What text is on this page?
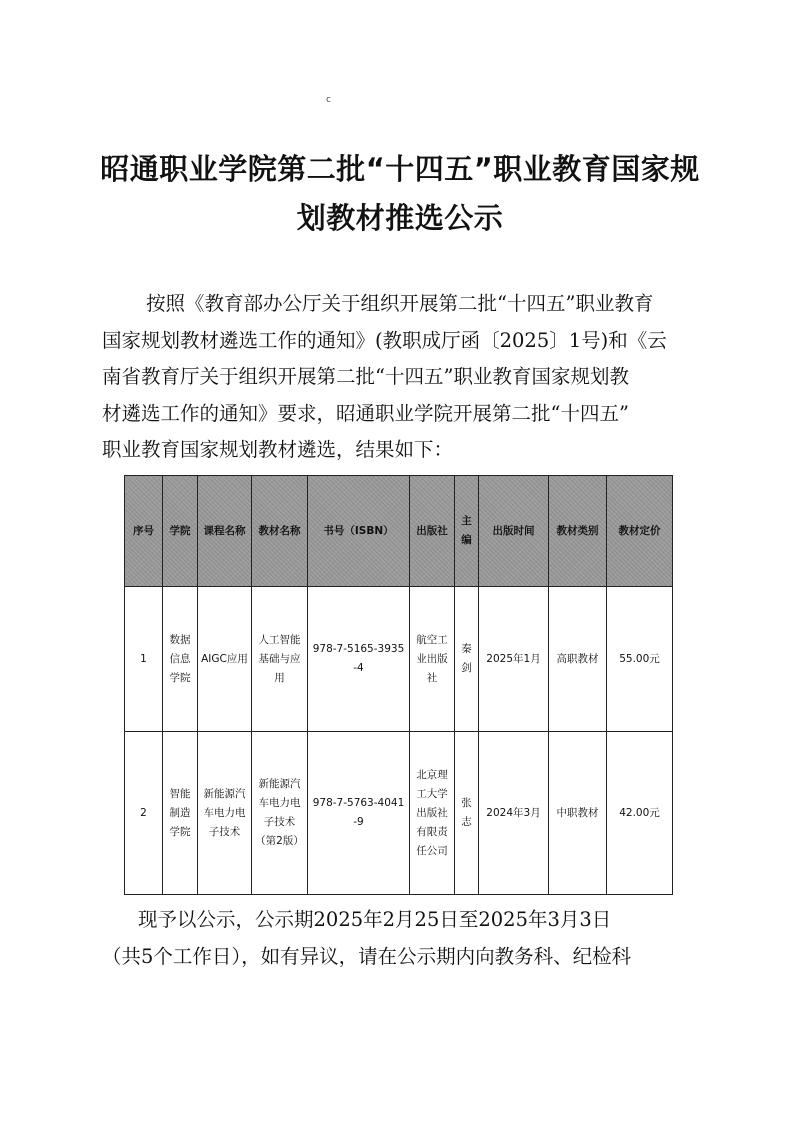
c
昭通职业学院第二批“十四五”职业教育国家规
划教材推选公示
按照《教育部办公厅关于组织开展第二批“十四五”职业教育
国家规划教材遴选工作的通知》(教职成厅函〔2025〕1号)和《云
南省教育厅关于组织开展第二批“十四五”职业教育国家规划教
材遴选工作的通知》要求，昭通职业学院开展第二批“十四五”
职业教育国家规划教材遴选，结果如下：
序号	学院	课程名称	教材名称	书号（ISBN）	出版社	主编	出版时间	教材类别	教材定价
1	数据信息学院	AIGC应用	人工智能基础与应用	978-7-5165-3935-4	航空工业出版社	秦剑	2025年1月	高职教材	55.00元
2	智能制造学院	新能源汽车电力电子技术	新能源汽车电力电子技术（第2版）	978-7-5763-4041-9	北京理工大学出版社有限责任公司	张志	2024年3月	中职教材	42.00元
现予以公示，公示期2025年2月25日至2025年3月3日
（共5个工作日），如有异议，请在公示期内向教务科、纪检科
